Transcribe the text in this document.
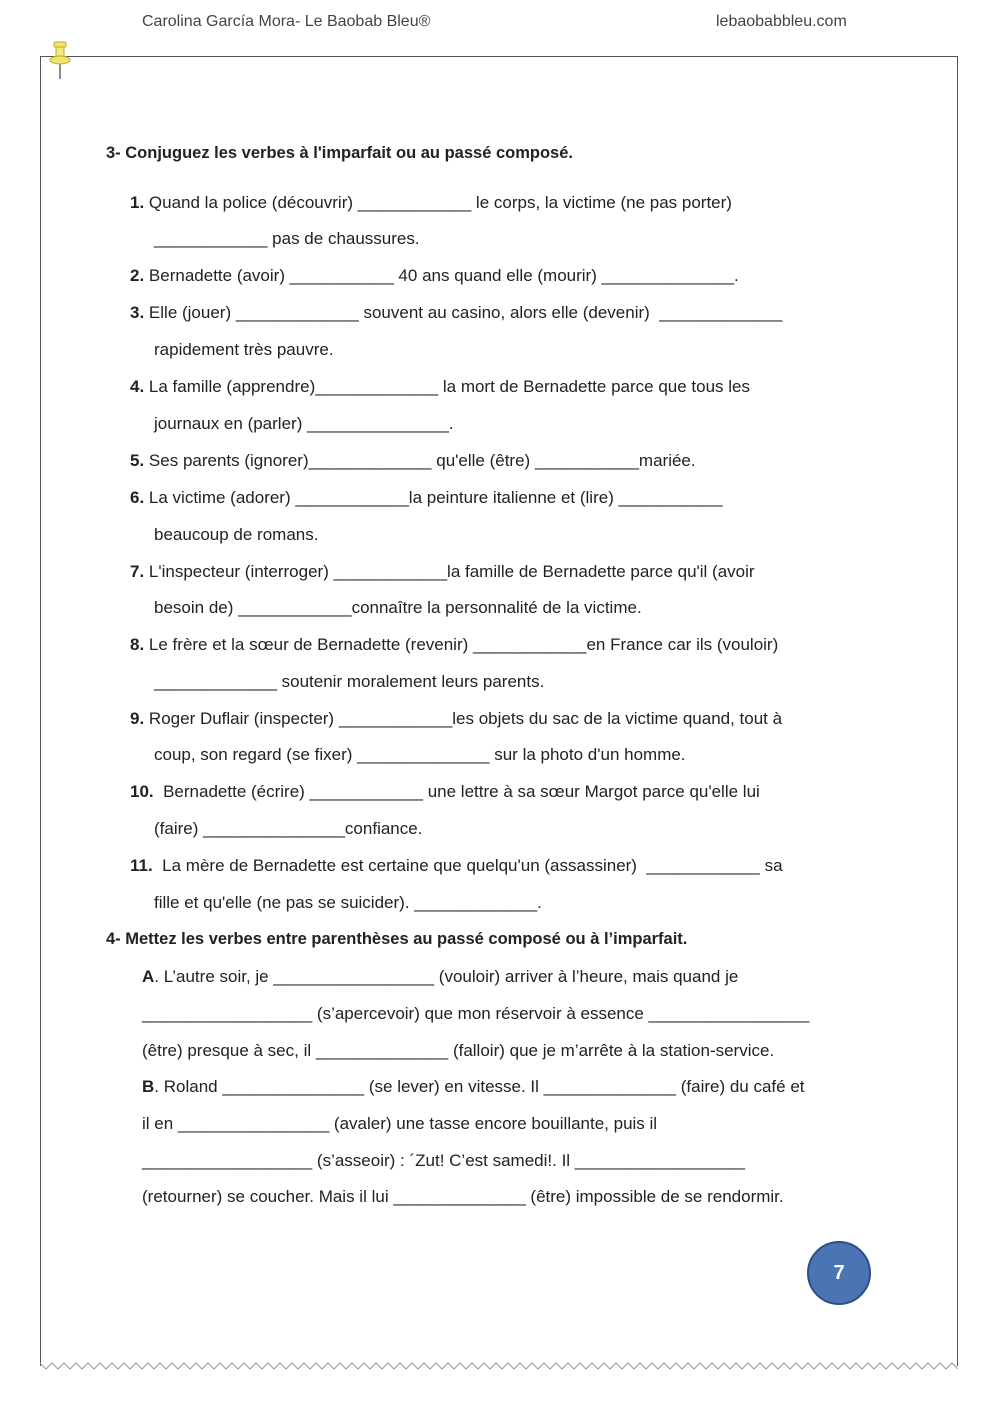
Carolina García Mora- Le Baobab Bleu®	lebaobabbleu.com
3- Conjuguez les verbes à l'imparfait ou au passé composé.
1. Quand la police (découvrir) ____________ le corps, la victime (ne pas porter)
____________ pas de chaussures.
2. Bernadette (avoir) ___________ 40 ans quand elle (mourir) ______________.
3. Elle (jouer) _____________ souvent au casino, alors elle (devenir)  _____________
rapidement très pauvre.
4. La famille (apprendre)_____________ la mort de Bernadette parce que tous les
journaux en (parler) _______________.
5. Ses parents (ignorer)_____________ qu'elle (être) ___________mariée.
6. La victime (adorer) ____________la peinture italienne et (lire) ___________
beaucoup de romans.
7. L'inspecteur (interroger) ____________la famille de Bernadette parce qu'il (avoir
besoin de) ____________connaître la personnalité de la victime.
8. Le frère et la sœur de Bernadette (revenir) ____________en France car ils (vouloir)
_____________ soutenir moralement leurs parents.
9. Roger Duflair (inspecter) ____________les objets du sac de la victime quand, tout à
coup, son regard (se fixer) ______________ sur la photo d'un homme.
10. Bernadette (écrire) ____________ une lettre à sa sœur Margot parce qu'elle lui
(faire) _______________confiance.
11. La mère de Bernadette est certaine que quelqu'un (assassiner)  ____________ sa
fille et qu'elle (ne pas se suicider). _____________.
4- Mettez les verbes entre parenthèses au passé composé ou à l’imparfait.
A. L’autre soir, je _________________ (vouloir) arriver à l’heure, mais quand je
__________________ (s’apercevoir) que mon réservoir à essence _________________
(être) presque à sec, il ______________ (falloir) que je m’arrête à la station-service.
B. Roland _______________ (se lever) en vitesse. Il ______________ (faire) du café et
il en ________________ (avaler) une tasse encore bouillante, puis il
__________________ (s’asseoir) : ´Zut! C’est samedi!. Il __________________
(retourner) se coucher. Mais il lui ______________ (être) impossible de se rendormir.
7
